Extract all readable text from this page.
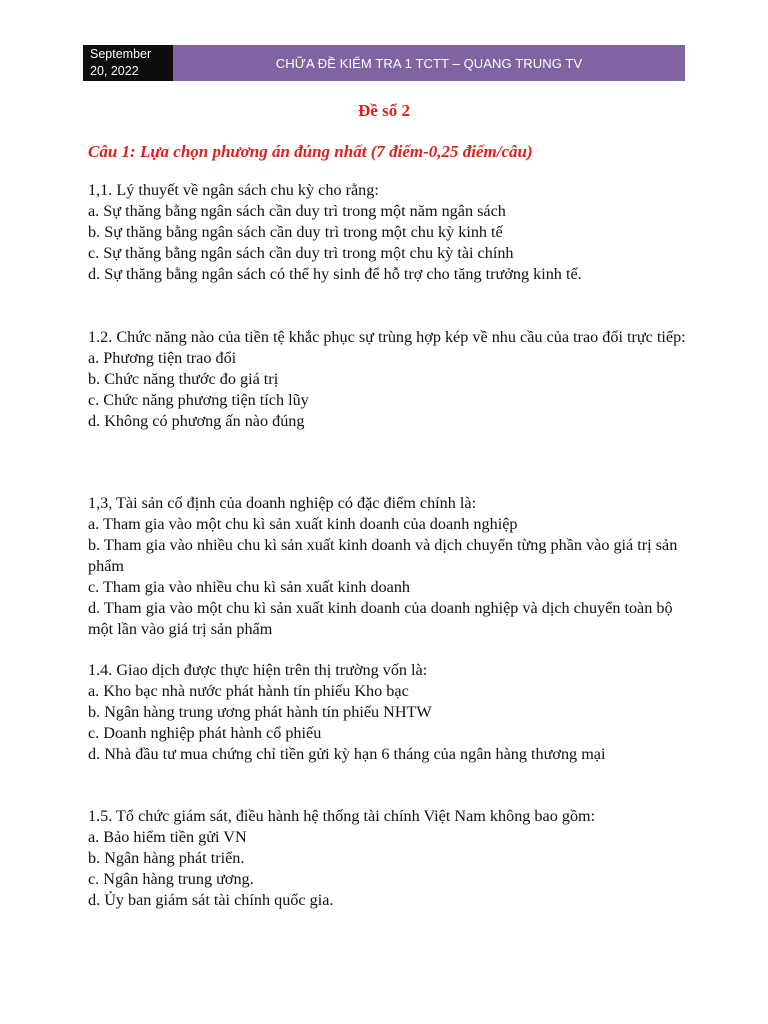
September 20, 2022
CHỮA ĐỀ KIỂM TRA 1 TCTT – QUANG TRUNG TV
Đề số 2
Câu 1: Lựa chọn phương án đúng nhất (7 điểm-0,25 điểm/câu)
1,1. Lý thuyết về ngân sách chu kỳ cho rằng:
a. Sự thăng bằng ngân sách cần duy trì trong một năm ngân sách
b. Sự thăng bằng ngân sách cần duy trì trong một chu kỳ kinh tế
c. Sự thăng bằng ngân sách cần duy trì trong một chu kỳ tài chính
d. Sự thăng bằng ngân sách có thể hy sinh để hỗ trợ cho tăng trưởng kinh tế.
1.2. Chức năng nào của tiền tệ khắc phục sự trùng hợp kép về nhu cầu của trao đổi trực tiếp:
a. Phương tiện trao đổi
b. Chức năng thước đo giá trị
c. Chức năng phương tiện tích lũy
d. Không có phương ấn nào đúng
1,3, Tài sản cố định của doanh nghiệp có đặc điểm chính là:
a. Tham gia vào một chu kì sản xuất kinh doanh của doanh nghiệp
b. Tham gia vào nhiều chu kì sản xuất kinh doanh và dịch chuyển từng phần vào giá trị sản phẩm
c. Tham gia vào nhiều chu kì sản xuất kinh doanh
d. Tham gia vào một chu kì sản xuất kinh doanh của doanh nghiệp và dịch chuyển toàn bộ một lần vào giá trị sản phẩm
1.4. Giao dịch được thực hiện trên thị trường vốn là:
a. Kho bạc nhà nước phát hành tín phiếu Kho bạc
b. Ngân hàng trung ương phát hành tín phiếu NHTW
c. Doanh nghiệp phát hành cổ phiếu
d. Nhà đầu tư mua chứng chỉ tiền gửi kỳ hạn 6 tháng của ngân hàng thương mại
1.5. Tổ chức giám sát, điều hành hệ thống tài chính Việt Nam không bao gồm:
a. Bảo hiểm tiền gửi VN
b. Ngân hàng phát triển.
c. Ngân hàng trung ương.
d. Ủy ban giám sát tài chính quốc gia.
